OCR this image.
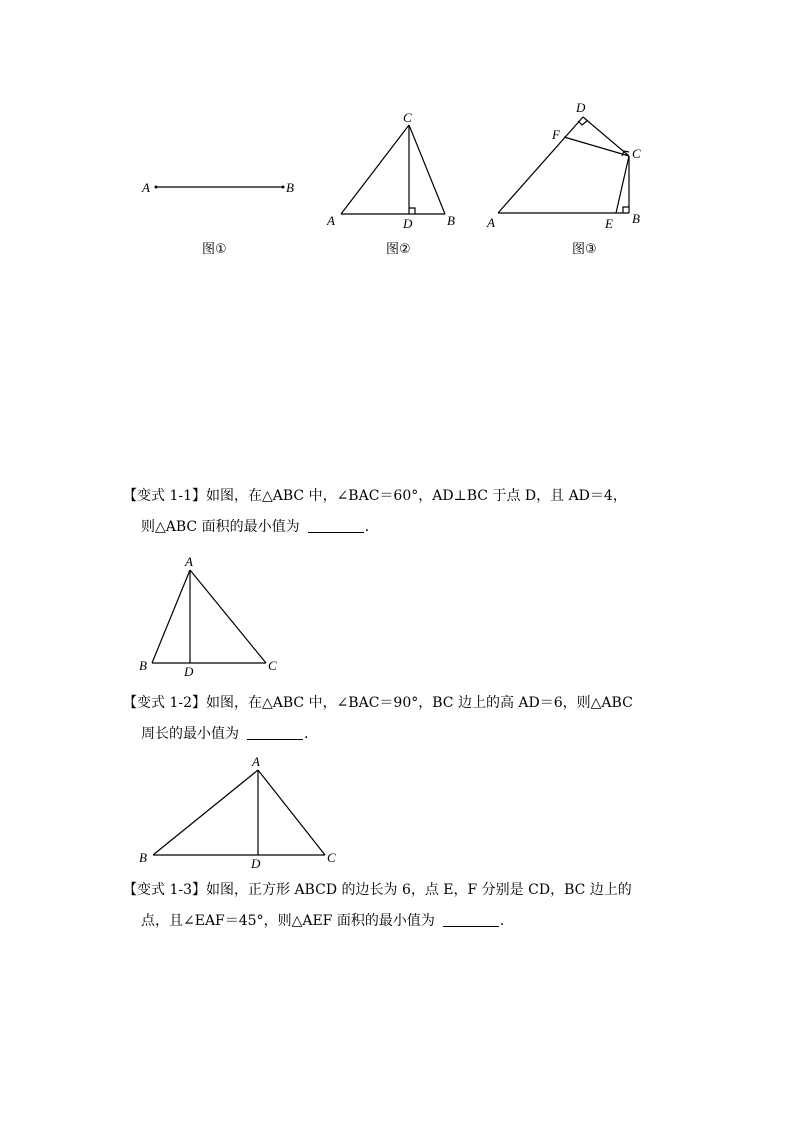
A	B
图①
C
A	B
D
图②
D
F
C
A	E B
图③
A
B	C
D
A
B	C
D
【变式 1-1】如图，在△ABC 中，∠BAC＝60°，AD⊥BC 于点 D，且 AD＝4，
则△ABC 面积的最小值为	.
【变式 1-2】如图，在△ABC 中，∠BAC＝90°，BC 边上的高 AD＝6，则△ABC
周长的最小值为	.
【变式 1-3】如图，正方形 ABCD 的边长为 6，点 E，F 分别是 CD，BC 边上的
点，且∠EAF＝45°，则△AEF 面积的最小值为	.
